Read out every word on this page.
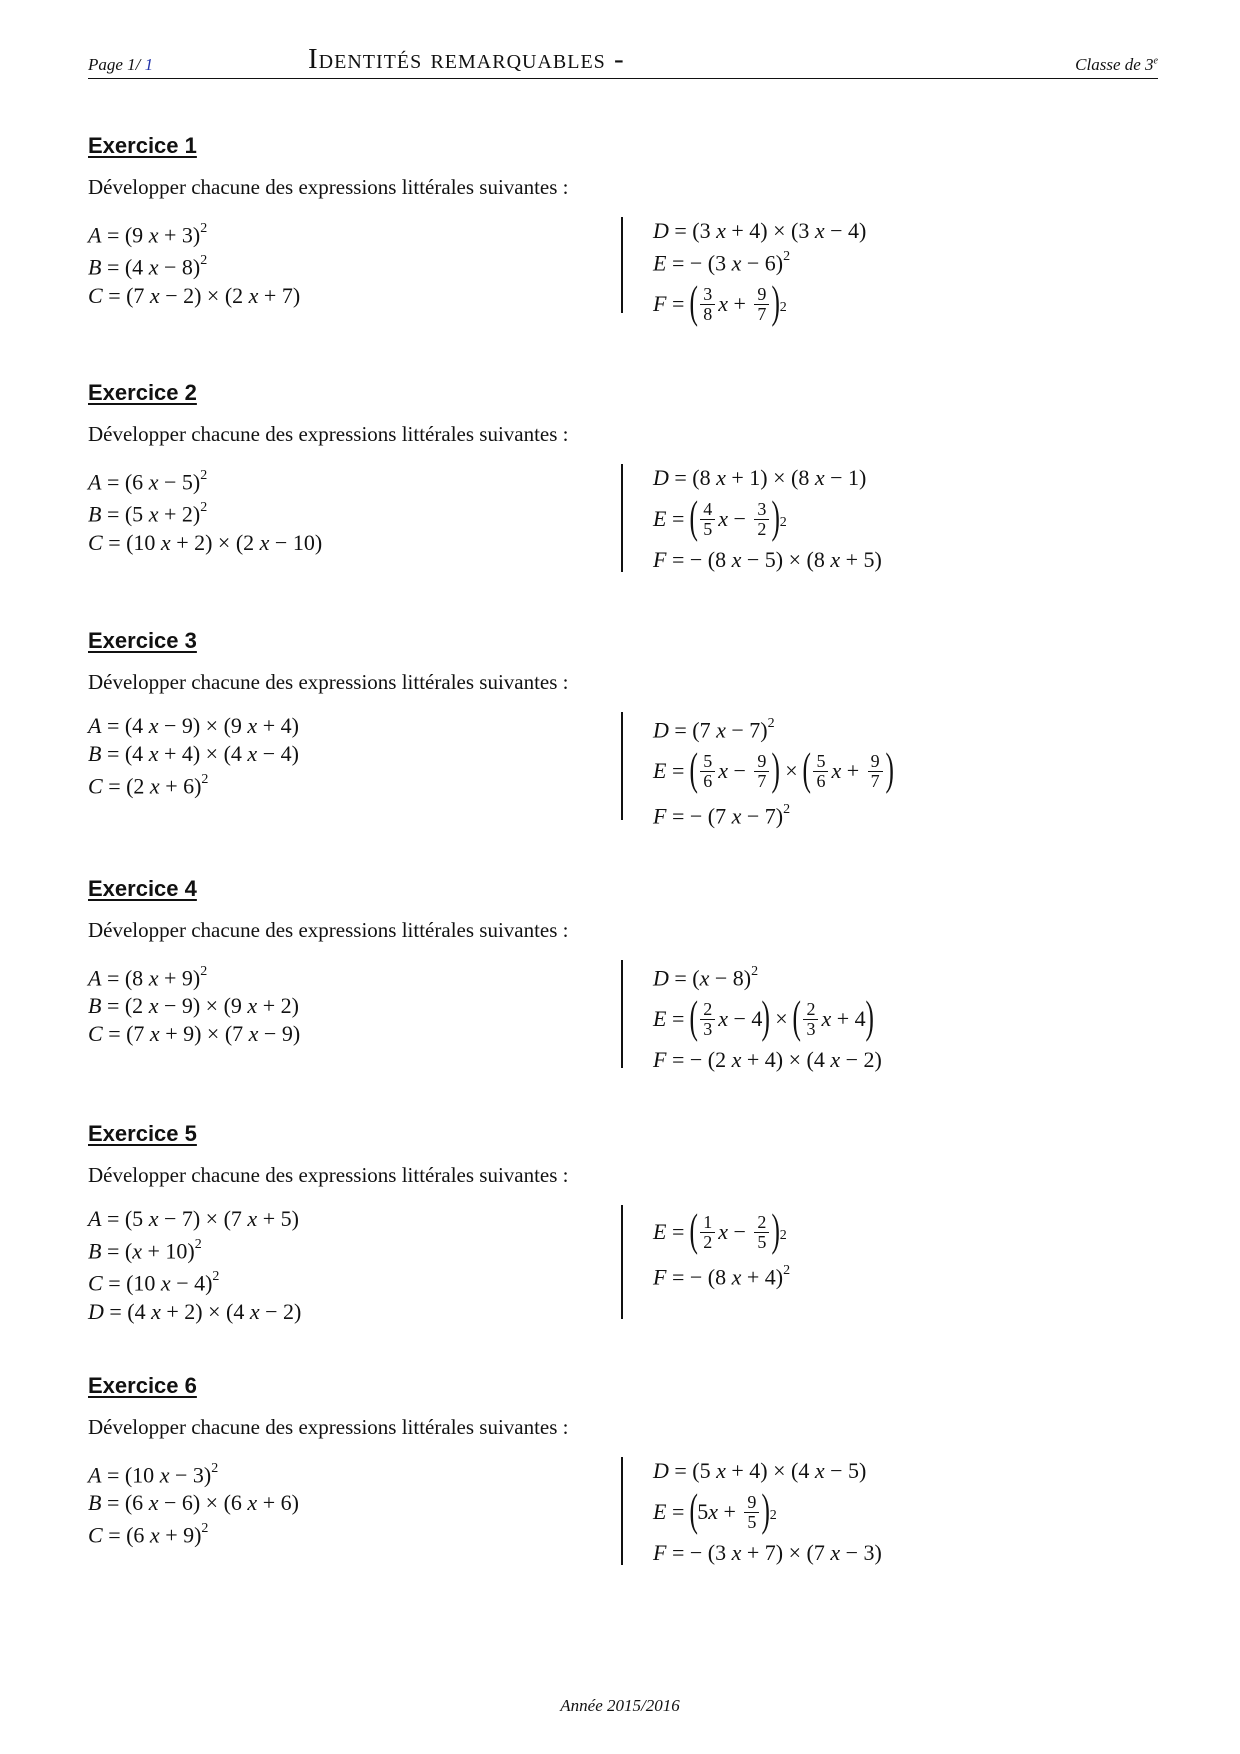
Page 1/ 1	Identités remarquables -	Classe de 3e
Exercice 1
Développer chacune des expressions littérales suivantes :
A = (9 x + 3)$^2$
B = (4 x − 8)$^2$
C = (7 x − 2) × (2 x + 7)
D = (3 x + 4) × (3 x − 4)
E = − (3 x − 6)$^2$
F = ( $\frac{3}{8}$ $x + \frac{9}{7}$ ) 2
Exercice 2
Développer chacune des expressions littérales suivantes :
A = (6 x − 5)$^2$
B = (5 x + 2)$^2$
C = (10 x + 2) × (2 x − 10)
D = (8 x + 1) × (8 x − 1)
E = ( $\frac{4}{5}$ $x - \frac{3}{2}$ ) 2
F = − (8 x − 5) × (8 x + 5)
Exercice 3
Développer chacune des expressions littérales suivantes :
A = (4 x − 9) × (9 x + 4)
B = (4 x + 4) × (4 x − 4)
C = (2 x + 6)$^2$
D = (7 x − 7)$^2$
E = ( $\frac{5}{6}$ $x - \frac{9}{7}$ ) × ( $\frac{5}{6}$ $x + \frac{9}{7}$ )
F = − (7 x − 7)$^2$
Exercice 4
Développer chacune des expressions littérales suivantes :
A = (8 x + 9)$^2$
B = (2 x − 9) × (9 x + 2)
C = (7 x + 9) × (7 x − 9)
$D = (x - 8)^2$
E = ( $\frac{2}{3}$ x − 4 ) × ( $\frac{2}{3}$ x + 4 )
F = − (2 x + 4) × (4 x − 2)
Exercice 5
Développer chacune des expressions littérales suivantes :
A = (5 x − 7) × (7 x + 5)
$B = (x + 10)^2$
C = (10 x − 4)$^2$
D = (4 x + 2) × (4 x − 2)
E = ( $\frac{1}{2}$ $x - \frac{2}{5}$ ) 2
F = − (8 x + 4)$^2$
Exercice 6
Développer chacune des expressions littérales suivantes :
A = (10 x − 3)$^2$
B = (6 x − 6) × (6 x + 6)
C = (6 x + 9)$^2$
D = (5 x + 4) × (4 x − 5)
E = ( 5 $x + \frac{9}{5}$ ) 2
F = − (3 x + 7) × (7 x − 3)
Année 2015/2016
